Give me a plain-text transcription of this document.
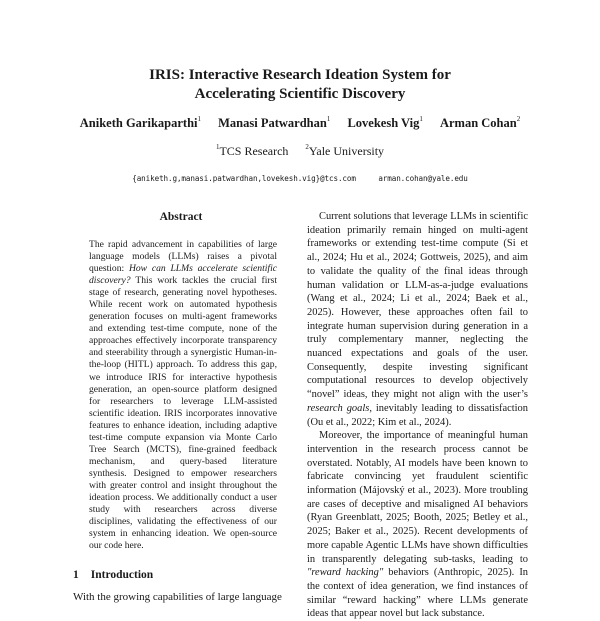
IRIS: Interactive Research Ideation System for
Accelerating Scientific Discovery
Aniketh Garikaparthi$^1$ Manasi Patwardhan$^1$ Lovekesh Vig$^1$ Arman Cohan$^2$
$^1$TCS Research $^2$Yale University
{aniketh.g,manasi.patwardhan,lovekesh.vig}@tcs.com	arman.cohan@yale.edu
Abstract
The rapid advancement in capabilities of large language models (LLMs) raises a pivotal question: How can LLMs accelerate scientific discovery? This work tackles the crucial first stage of research, generating novel hypotheses. While recent work on automated hypothesis generation focuses on multi-agent frameworks and extending test-time compute, none of the approaches effectively incorporate transparency and steerability through a synergistic Human-in-the-loop (HITL) approach. To address this gap, we introduce IRIS for interactive hypothesis generation, an open-source platform designed for researchers to leverage LLM-assisted scientific ideation. IRIS incorporates innovative features to enhance ideation, including adaptive test-time compute expansion via Monte Carlo Tree Search (MCTS), fine-grained feedback mechanism, and query-based literature synthesis. Designed to empower researchers with greater control and insight throughout the ideation process. We additionally conduct a user study with researchers across diverse disciplines, validating the effectiveness of our system in enhancing ideation. We open-source our code here.
1 Introduction
With the growing capabilities of large language

Current solutions that leverage LLMs in scientific ideation primarily remain hinged on multi-agent frameworks or extending test-time compute (Si et al., 2024; Hu et al., 2024; Gottweis, 2025), and aim to validate the quality of the final ideas through human validation or LLM-as-a-judge evaluations (Wang et al., 2024; Li et al., 2024; Baek et al., 2025). However, these approaches often fail to integrate human supervision during generation in a truly complementary manner, neglecting the nuanced expectations and goals of the user. Consequently, despite investing significant computational resources to develop objectively “novel” ideas, they might not align with the user’s research goals, inevitably leading to dissatisfaction (Ou et al., 2022; Kim et al., 2024).

Moreover, the importance of meaningful human intervention in the research process cannot be overstated. Notably, AI models have been known to fabricate convincing yet fraudulent scientific information (Májovský et al., 2023). More troubling are cases of deceptive and misaligned AI behaviors (Ryan Greenblatt, 2025; Booth, 2025; Betley et al., 2025; Baker et al., 2025). Recent developments of more capable Agentic LLMs have shown difficulties in transparently delegating sub-tasks, leading to "reward hacking" behaviors (Anthropic, 2025). In the context of idea generation, we find instances of similar “reward hacking” where LLMs generate ideas that appear novel but lack substance.
